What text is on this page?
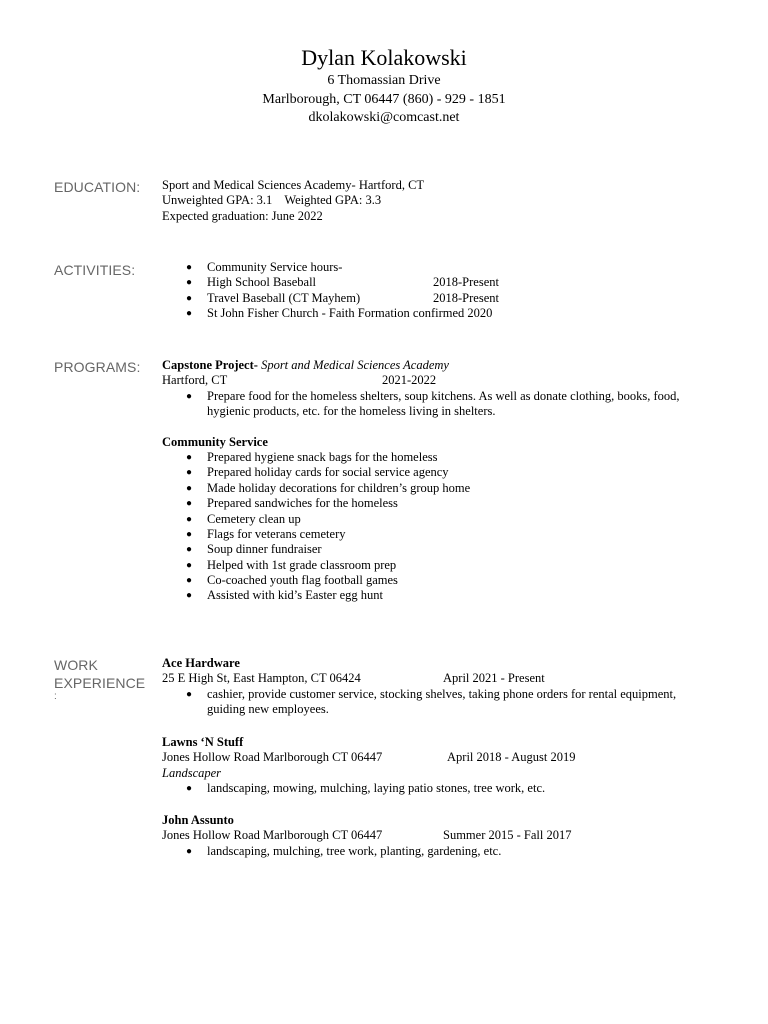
Dylan Kolakowski
6 Thomassian Drive
Marlborough, CT 06447 (860) - 929 - 1851
dkolakowski@comcast.net
EDUCATION: Sport and Medical Sciences Academy- Hartford, CT
Unweighted GPA: 3.1 Weighted GPA: 3.3
Expected graduation: June 2022
ACTIVITIES:
●	Community Service hours-
● High School Baseball	2018-Present
● Travel Baseball (CT Mayhem)	2018-Present
● St John Fisher Church - Faith Formation confirmed 2020
PROGRAMS: Capstone Project- Sport and Medical Sciences Academy
Hartford, CT	2021-2022
● Prepare food for the homeless shelters, soup kitchens. As well as donate clothing, books, food,
hygienic products, etc. for the homeless living in shelters.
Community Service
● Prepared hygiene snack bags for the homeless
● Prepared holiday cards for social service agency
● Made holiday decorations for children’s group home
● Prepared sandwiches for the homeless
● Cemetery clean up
● Flags for veterans cemetery
● Soup dinner fundraiser
● Helped with 1st grade classroom prep
● Co-coached youth flag football games
● Assisted with kid’s Easter egg hunt
WORK
EXPERIENCE
:
Ace Hardware
25 E High St, East Hampton, CT 06424	April 2021 - Present
● cashier, provide customer service, stocking shelves, taking phone orders for rental equipment,
guiding new employees.
Lawns ‘N Stuff
Jones Hollow Road Marlborough CT 06447	April 2018 - August 2019
Landscaper
● landscaping, mowing, mulching, laying patio stones, tree work, etc.
John Assunto
Jones Hollow Road Marlborough CT 06447	Summer 2015 - Fall 2017
● landscaping, mulching, tree work, planting, gardening, etc.
